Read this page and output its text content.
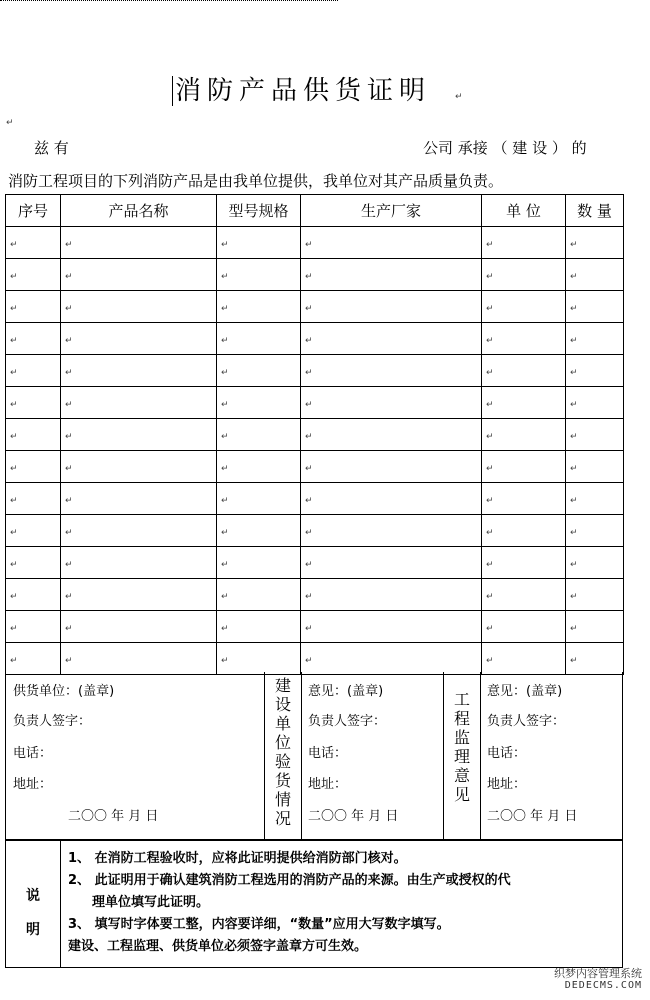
消防产品供货证明	↵
↵
兹 有	公司 承接 （ 建 设 ） 的
消防工程项目的下列消防产品是由我单位提供，我单位对其产品质量负责。
序号	产品名称	型号规格	生产厂家	单 位	数 量
↵	↵	↵	↵	↵	↵
↵	↵	↵	↵	↵	↵
↵	↵	↵	↵	↵	↵
↵	↵	↵	↵	↵	↵
↵	↵	↵	↵	↵	↵
↵	↵	↵	↵	↵	↵
↵	↵	↵	↵	↵	↵
↵	↵	↵	↵	↵	↵
↵	↵	↵	↵	↵	↵
↵	↵	↵	↵	↵	↵
↵	↵	↵	↵	↵	↵
↵	↵	↵	↵	↵	↵
↵	↵	↵	↵	↵	↵
↵	↵	↵	↵	↵	↵
供货单位：(盖章)
负责人签字：
电话：
地址：
二〇〇 年 月 日
建设单位验货情况
意见：(盖章)
负责人签字：
电话：
地址：
二〇〇 年 月 日
工程监理意见
意见：(盖章)
负责人签字：
电话：
地址：
二〇〇 年 月 日
说明
1、 在消防工程验收时，应将此证明提供给消防部门核对。
2、 此证明用于确认建筑消防工程选用的消防产品的来源。由生产或授权的代
理单位填写此证明。
3、 填写时字体要工整，内容要详细，“数量”应用大写数字填写。
建设、工程监理、供货单位必须签字盖章方可生效。
织梦内容管理系统
DEDECMS.COM
